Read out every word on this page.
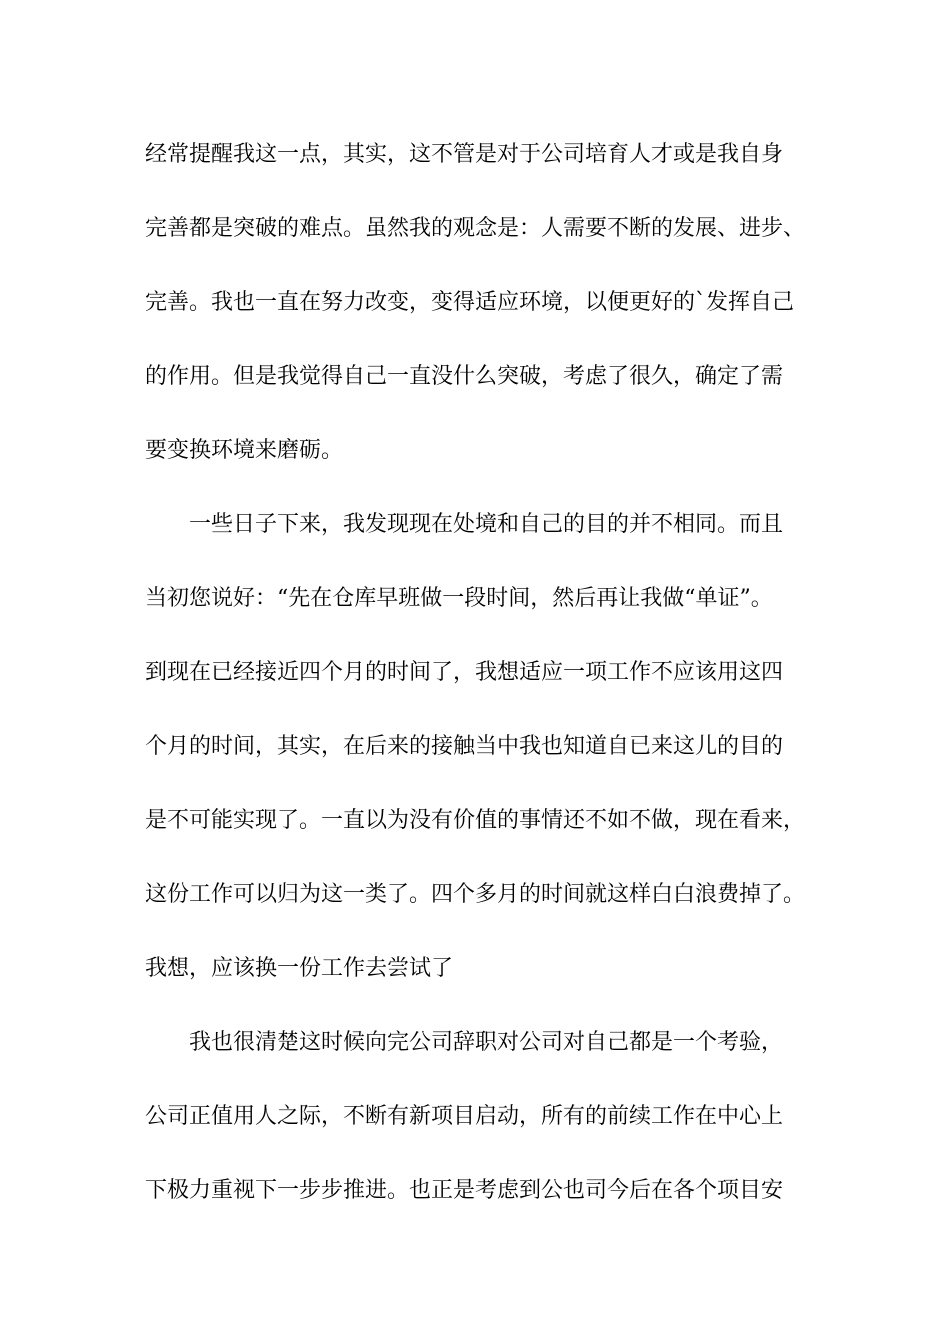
经常提醒我这一点，其实，这不管是对于公司培育人才或是我自身
完善都是突破的难点。虽然我的观念是：人需要不断的发展、进步、
完善。我也一直在努力改变，变得适应环境，以便更好的`发挥自己
的作用。但是我觉得自己一直没什么突破，考虑了很久，确定了需
要变换环境来磨砺。
一些日子下来，我发现现在处境和自己的目的并不相同。而且
当初您说好：“先在仓库早班做一段时间，然后再让我做“单证”。
到现在已经接近四个月的时间了，我想适应一项工作不应该用这四
个月的时间，其实，在后来的接触当中我也知道自已来这儿的目的
是不可能实现了。一直以为没有价值的事情还不如不做，现在看来，
这份工作可以归为这一类了。四个多月的时间就这样白白浪费掉了。
我想，应该换一份工作去尝试了
我也很清楚这时候向完公司辞职对公司对自己都是一个考验，
公司正值用人之际，不断有新项目启动，所有的前续工作在中心上
下极力重视下一步步推进。也正是考虑到公也司今后在各个项目安
